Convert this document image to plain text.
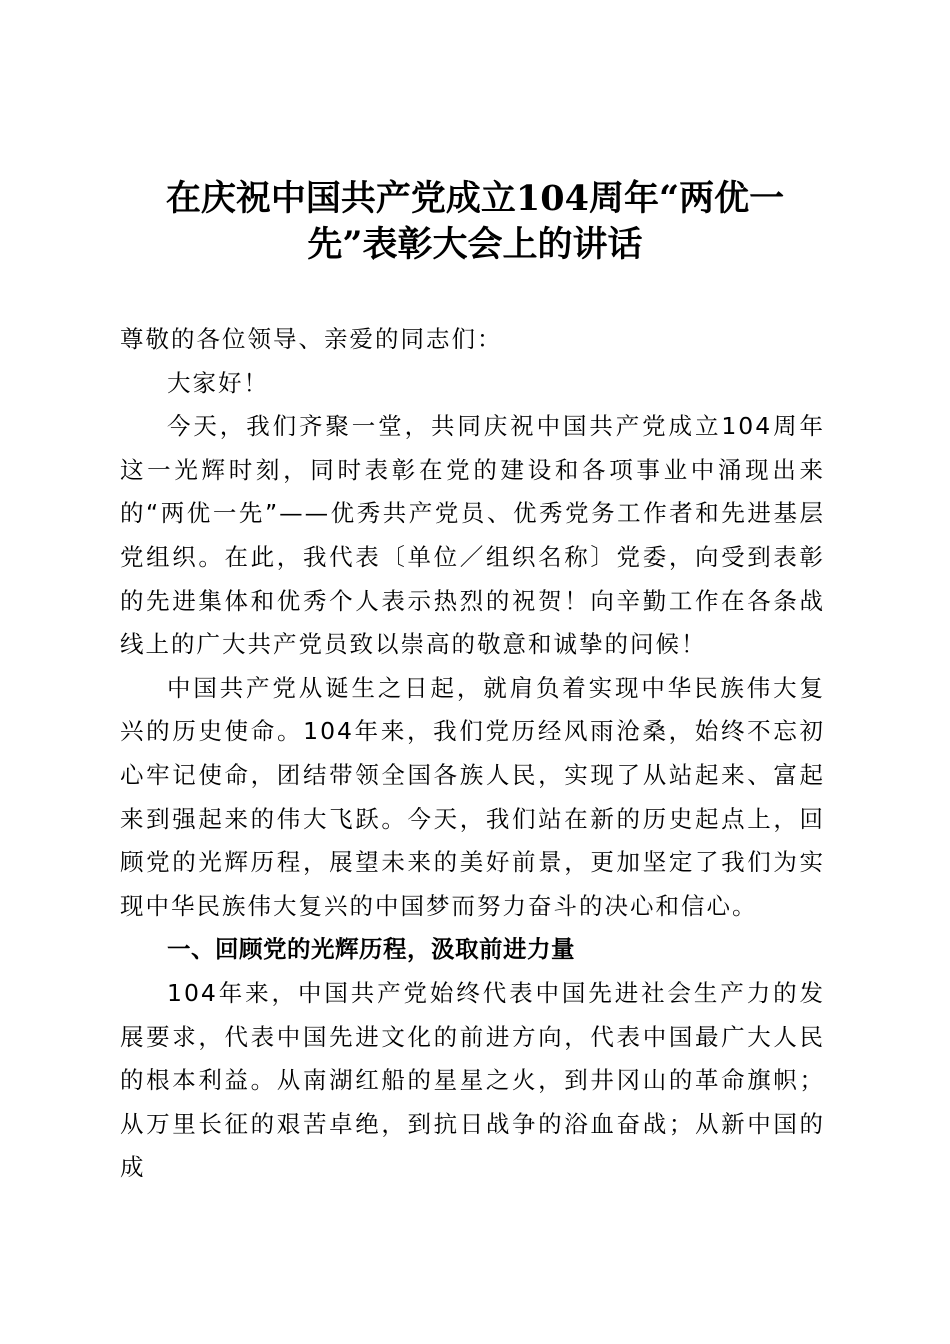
在庆祝中国共产党成立104周年“两优一
先”表彰大会上的讲话

尊敬的各位领导、亲爱的同志们：

大家好！

今天，我们齐聚一堂，共同庆祝中国共产党成立104周年这一光辉时刻，同时表彰在党的建设和各项事业中涌现出来的“两优一先”——优秀共产党员、优秀党务工作者和先进基层党组织。在此，我代表〔单位／组织名称〕党委，向受到表彰的先进集体和优秀个人表示热烈的祝贺！向辛勤工作在各条战线上的广大共产党员致以崇高的敬意和诚挚的问候！

中国共产党从诞生之日起，就肩负着实现中华民族伟大复兴的历史使命。104年来，我们党历经风雨沧桑，始终不忘初心牢记使命，团结带领全国各族人民，实现了从站起来、富起来到强起来的伟大飞跃。今天，我们站在新的历史起点上，回顾党的光辉历程，展望未来的美好前景，更加坚定了我们为实现中华民族伟大复兴的中国梦而努力奋斗的决心和信心。

一、回顾党的光辉历程，汲取前进力量

104年来，中国共产党始终代表中国先进社会生产力的发展要求，代表中国先进文化的前进方向，代表中国最广大人民的根本利益。从南湖红船的星星之火，到井冈山的革命旗帜；从万里长征的艰苦卓绝，到抗日战争的浴血奋战；从新中国的成
